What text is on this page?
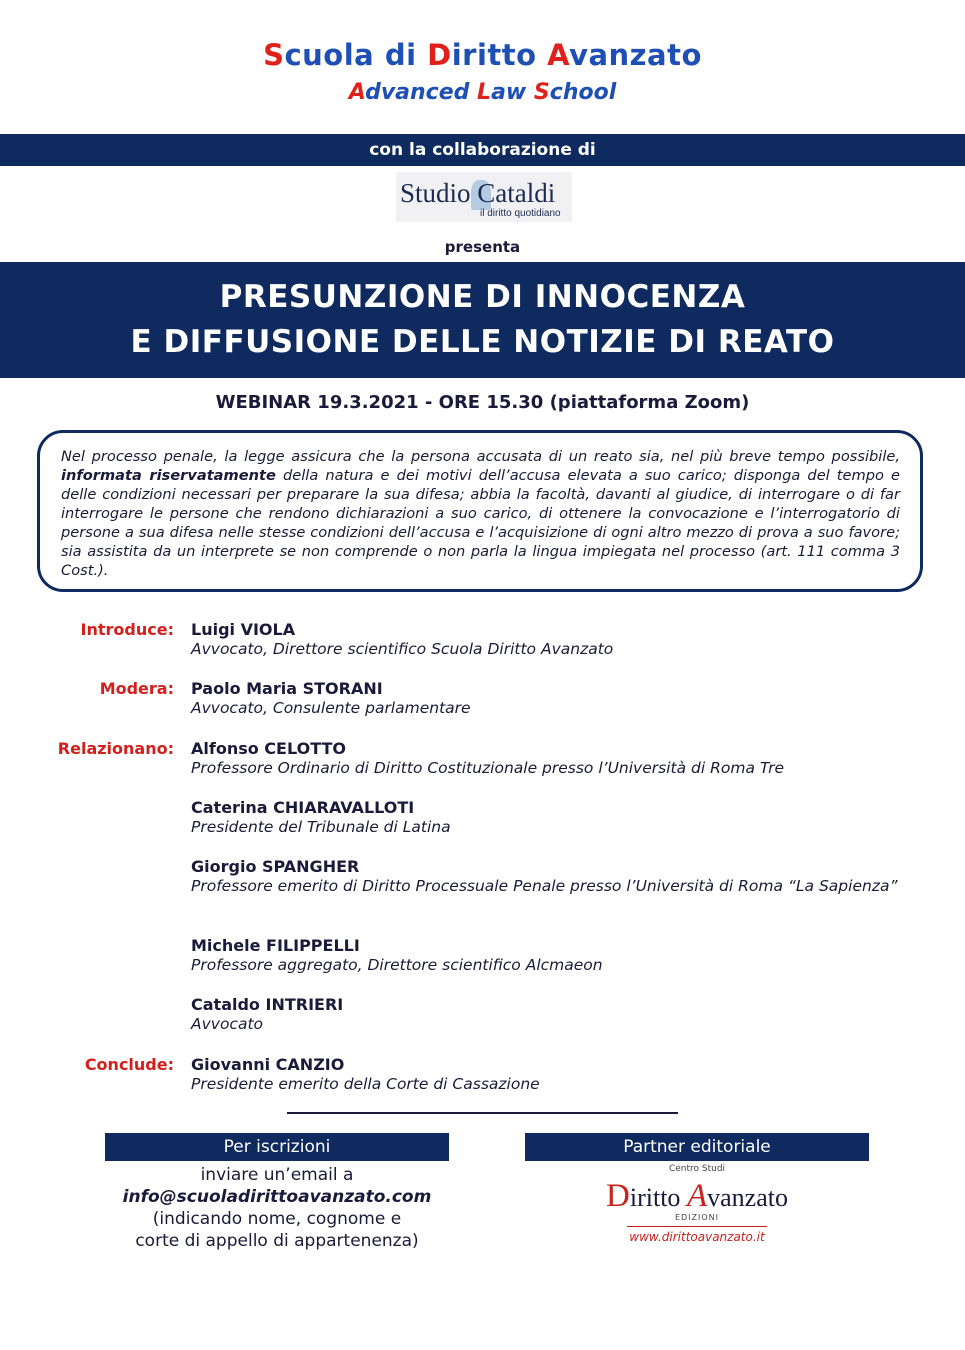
Scuola di Diritto Avanzato
Advanced Law School
con la collaborazione di
Studio Cataldi
il diritto quotidiano
presenta
PRESUNZIONE DI INNOCENZA
E DIFFUSIONE DELLE NOTIZIE DI REATO
WEBINAR 19.3.2021 - ORE 15.30 (piattaforma Zoom)
Nel processo penale, la legge assicura che la persona accusata di un reato sia, nel più breve tempo possibile, informata riservatamente della natura e dei motivi dell’accusa elevata a suo carico; disponga del tempo e delle condizioni necessari per preparare la sua difesa; abbia la facoltà, davanti al giudice, di interrogare o di far interrogare le persone che rendono dichiarazioni a suo carico, di ottenere la convocazione e l’interrogatorio di persone a sua difesa nelle stesse condizioni dell’accusa e l’acquisizione di ogni altro mezzo di prova a suo favore; sia assistita da un interprete se non comprende o non parla la lingua impiegata nel processo (art. 111 comma 3 Cost.).
Introduce:
Modera:
Relazionano:
Conclude:
Luigi VIOLA
Avvocato, Direttore scientifico Scuola Diritto Avanzato
Paolo Maria STORANI
Avvocato, Consulente parlamentare
Alfonso CELOTTO
Professore Ordinario di Diritto Costituzionale presso l’Università di Roma Tre
Caterina CHIARAVALLOTI
Presidente del Tribunale di Latina
Giorgio SPANGHER
Professore emerito di Diritto Processuale Penale presso l’Università di Roma “La Sapienza”
Michele FILIPPELLI
Professore aggregato, Direttore scientifico Alcmaeon
Cataldo INTRIERI
Avvocato
Giovanni CANZIO
Presidente emerito della Corte di Cassazione
Per iscrizioni
inviare un’email a
info@scuoladirittoavanzato.com
(indicando nome, cognome e
corte di appello di appartenenza)
Partner editoriale
Centro Studi
Diritto Avanzato
EDIZIONI
www.dirittoavanzato.it
